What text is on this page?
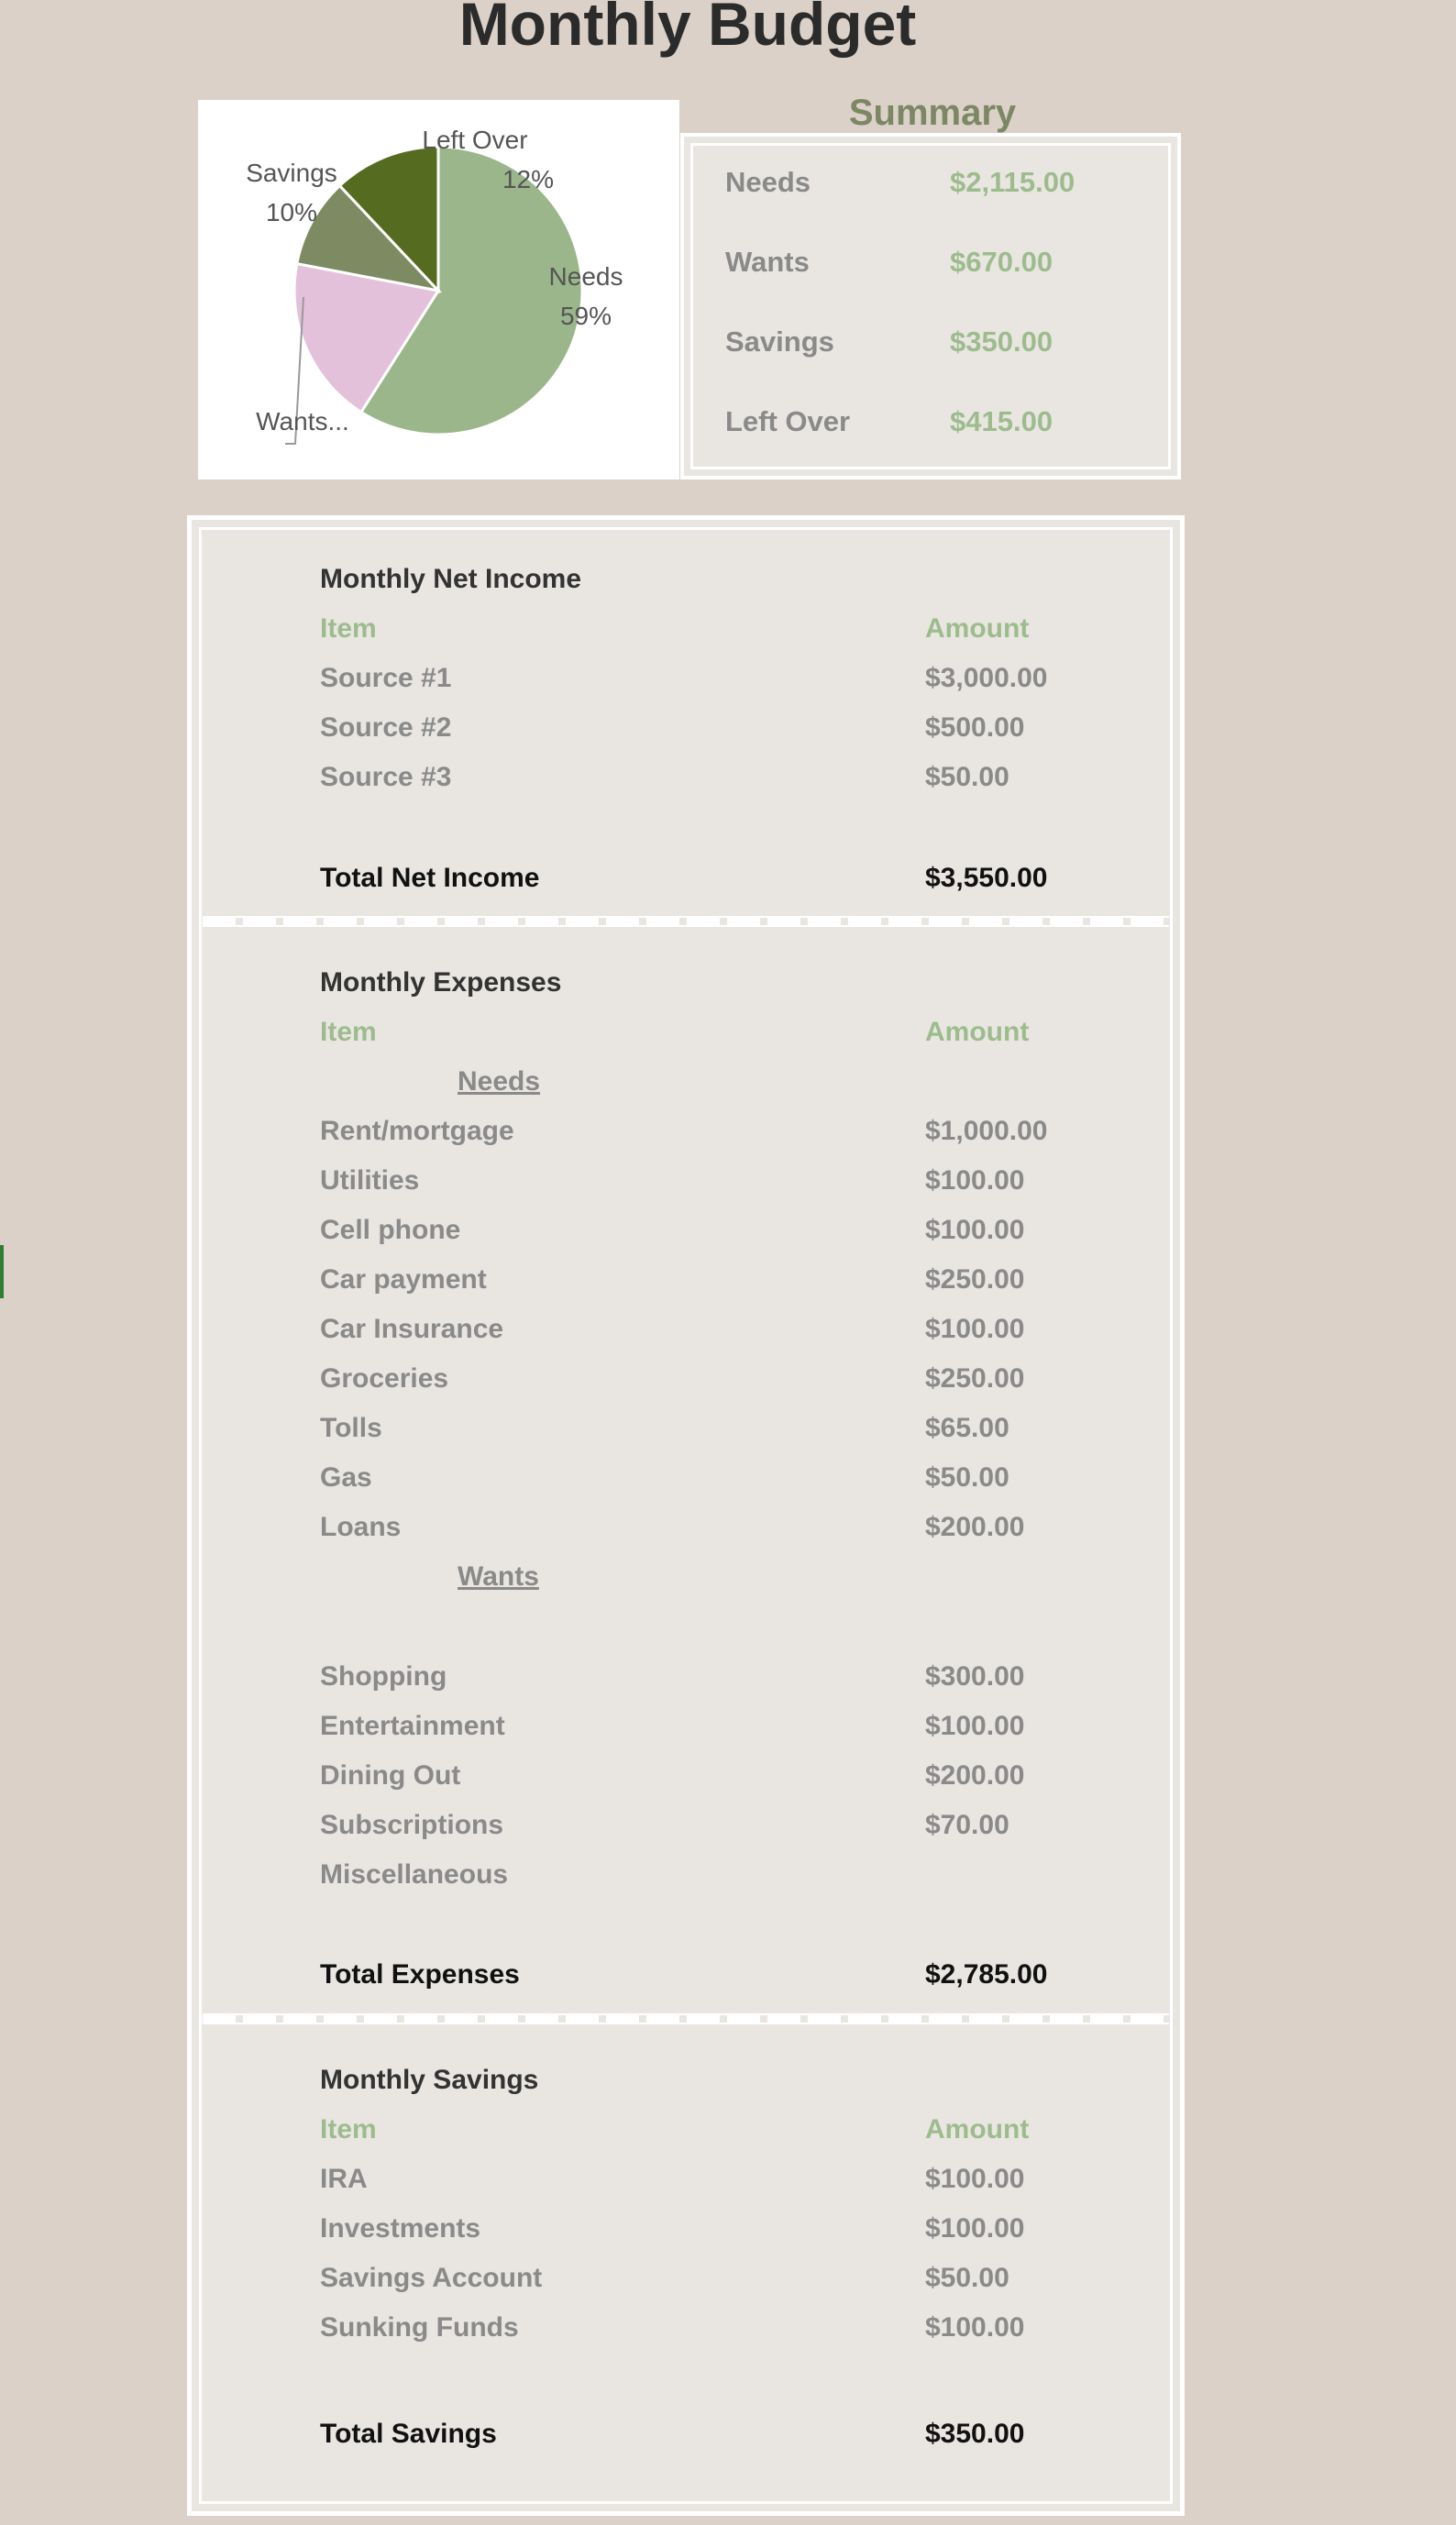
Monthly Budget
Left Over
12%
Savings
10%
Needs
59%
Wants...
Summary
Needs	$2,115.00
Wants	$670.00
Savings	$350.00
Left Over	$415.00
Monthly Net Income
Item	Amount
Source #1	$3,000.00
Source #2	$500.00
Source #3	$50.00
Total Net Income	$3,550.00
Monthly Expenses
Item	Amount
Needs
Rent/mortgage	$1,000.00
Utilities	$100.00
Cell phone	$100.00
Car payment	$250.00
Car Insurance	$100.00
Groceries	$250.00
Tolls	$65.00
Gas	$50.00
Loans	$200.00
Wants
Shopping	$300.00
Entertainment	$100.00
Dining Out	$200.00
Subscriptions	$70.00
Miscellaneous
Total Expenses	$2,785.00
Monthly Savings
Item	Amount
IRA	$100.00
Investments	$100.00
Savings Account	$50.00
Sunking Funds	$100.00
Total Savings	$350.00
